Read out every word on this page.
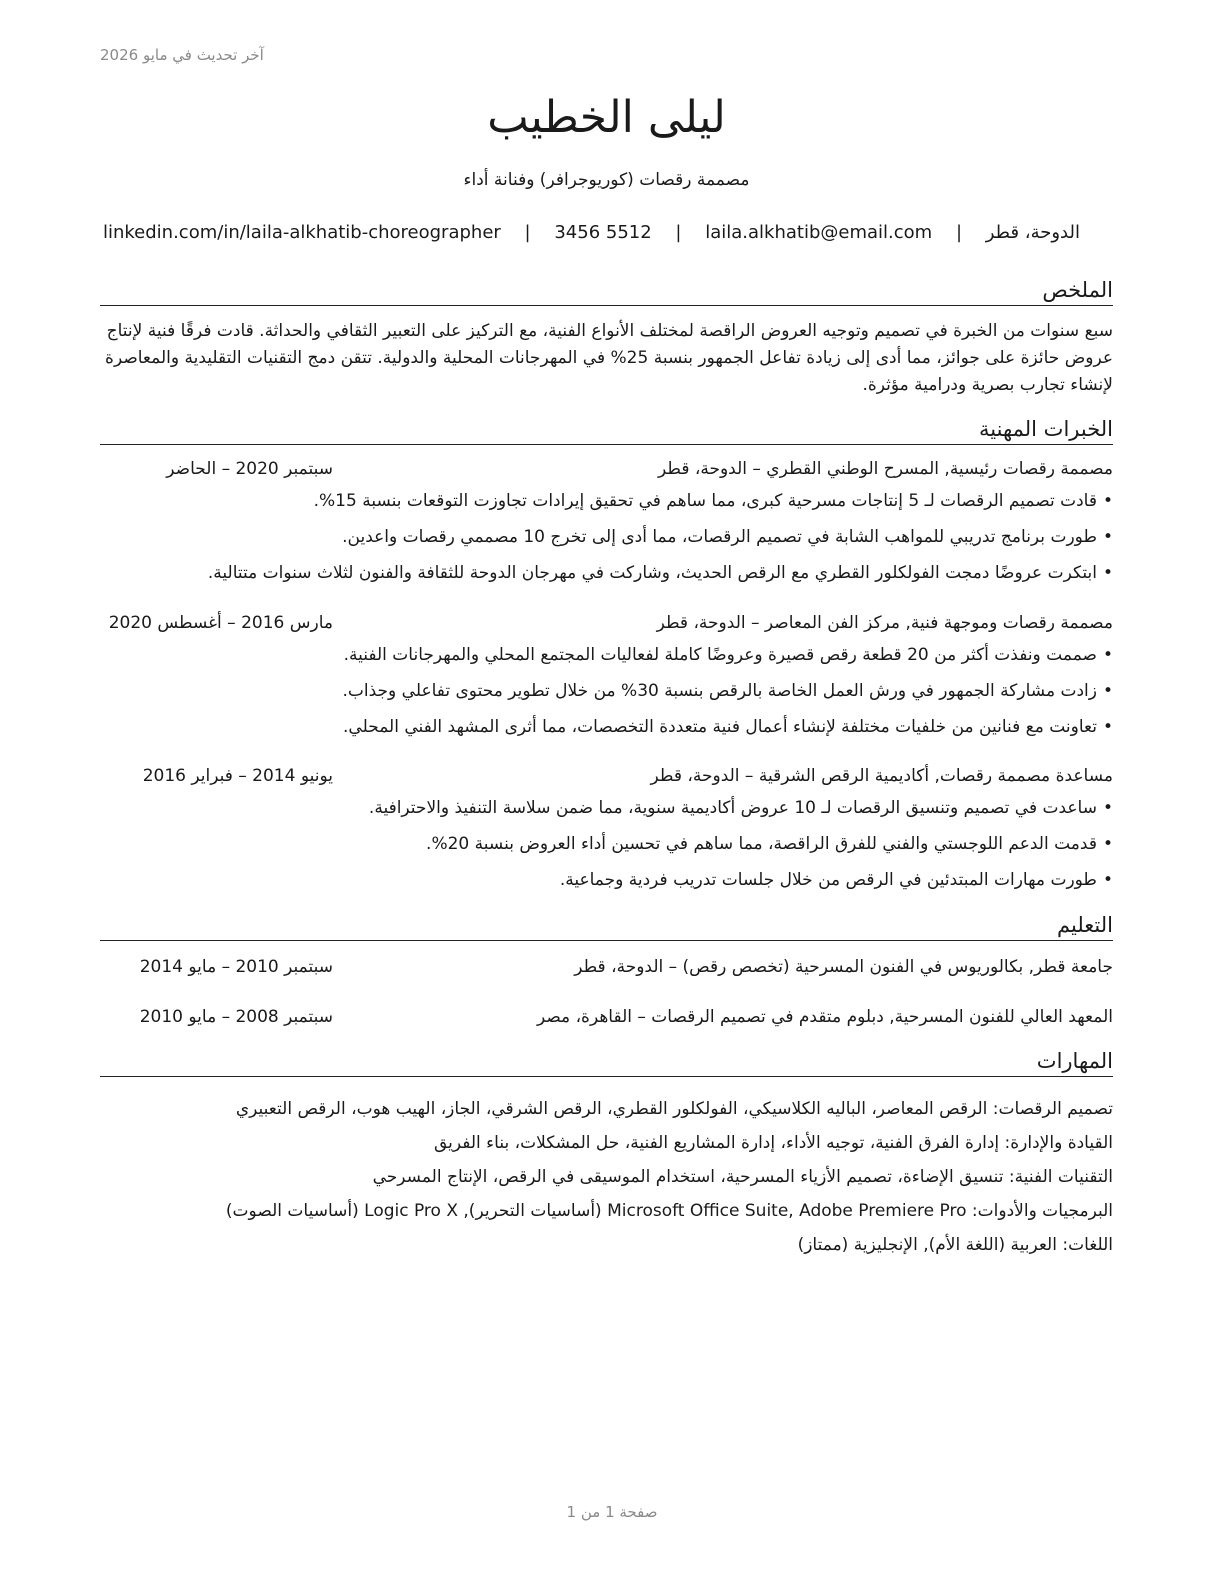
آخر تحديث في مايو 2026
ليلى الخطيب
مصممة رقصات (كوريوجرافر) وفنانة أداء
الدوحة، قطر | laila.alkhatib@email.com | 3456 5512 | linkedin.com/in/laila-alkhatib-choreographer
الملخص
سبع سنوات من الخبرة في تصميم وتوجيه العروض الراقصة لمختلف الأنواع الفنية، مع التركيز على التعبير الثقافي والحداثة. قادت فرقًا فنية لإنتاج عروض حائزة على جوائز، مما أدى إلى زيادة تفاعل الجمهور بنسبة 25% في المهرجانات المحلية والدولية. تتقن دمج التقنيات التقليدية والمعاصرة لإنشاء تجارب بصرية ودرامية مؤثرة.
الخبرات المهنية
مصممة رقصات رئيسية, المسرح الوطني القطري – الدوحة، قطر
سبتمبر 2020 – الحاضر
•قادت تصميم الرقصات لـ 5 إنتاجات مسرحية كبرى، مما ساهم في تحقيق إيرادات تجاوزت التوقعات بنسبة 15%.
•طورت برنامج تدريبي للمواهب الشابة في تصميم الرقصات، مما أدى إلى تخرج 10 مصممي رقصات واعدين.
•ابتكرت عروضًا دمجت الفولكلور القطري مع الرقص الحديث، وشاركت في مهرجان الدوحة للثقافة والفنون لثلاث سنوات متتالية.
مصممة رقصات وموجهة فنية, مركز الفن المعاصر – الدوحة، قطر
مارس 2016 – أغسطس 2020
•صممت ونفذت أكثر من 20 قطعة رقص قصيرة وعروضًا كاملة لفعاليات المجتمع المحلي والمهرجانات الفنية.
•زادت مشاركة الجمهور في ورش العمل الخاصة بالرقص بنسبة 30% من خلال تطوير محتوى تفاعلي وجذاب.
•تعاونت مع فنانين من خلفيات مختلفة لإنشاء أعمال فنية متعددة التخصصات، مما أثرى المشهد الفني المحلي.
مساعدة مصممة رقصات, أكاديمية الرقص الشرقية – الدوحة، قطر
يونيو 2014 – فبراير 2016
•ساعدت في تصميم وتنسيق الرقصات لـ 10 عروض أكاديمية سنوية، مما ضمن سلاسة التنفيذ والاحترافية.
•قدمت الدعم اللوجستي والفني للفرق الراقصة، مما ساهم في تحسين أداء العروض بنسبة 20%.
•طورت مهارات المبتدئين في الرقص من خلال جلسات تدريب فردية وجماعية.
التعليم
جامعة قطر, بكالوريوس في الفنون المسرحية (تخصص رقص) – الدوحة، قطر
سبتمبر 2010 – مايو 2014
المعهد العالي للفنون المسرحية, دبلوم متقدم في تصميم الرقصات – القاهرة، مصر
سبتمبر 2008 – مايو 2010
المهارات
تصميم الرقصات: الرقص المعاصر، الباليه الكلاسيكي، الفولكلور القطري، الرقص الشرقي، الجاز، الهيب هوب، الرقص التعبيري
القيادة والإدارة: إدارة الفرق الفنية، توجيه الأداء، إدارة المشاريع الفنية، حل المشكلات، بناء الفريق
التقنيات الفنية: تنسيق الإضاءة، تصميم الأزياء المسرحية، استخدام الموسيقى في الرقص، الإنتاج المسرحي
البرمجيات والأدوات: Microsoft Office Suite, Adobe Premiere Pro (أساسيات التحرير), Logic Pro X (أساسيات الصوت)
اللغات: العربية (اللغة الأم), الإنجليزية (ممتاز)
صفحة 1 من 1
